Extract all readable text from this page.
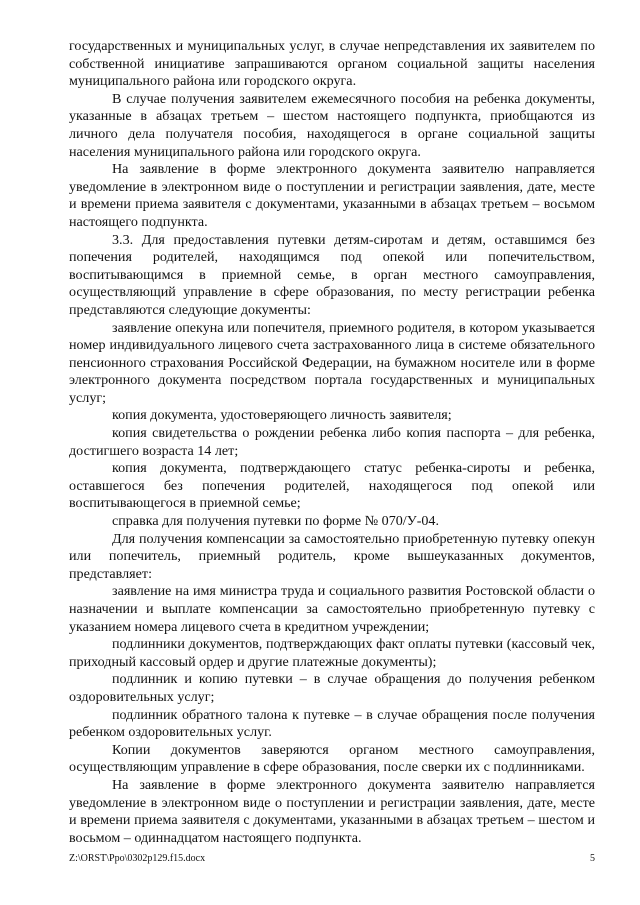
государственных и муниципальных услуг, в случае непредставления их заявителем по собственной инициативе запрашиваются органом социальной защиты населения муниципального района или городского округа.

В случае получения заявителем ежемесячного пособия на ребенка документы, указанные в абзацах третьем – шестом настоящего подпункта, приобщаются из личного дела получателя пособия, находящегося в органе социальной защиты населения муниципального района или городского округа.

На заявление в форме электронного документа заявителю направляется уведомление в электронном виде о поступлении и регистрации заявления, дате, месте и времени приема заявителя с документами, указанными в абзацах третьем – восьмом настоящего подпункта.

3.3. Для предоставления путевки детям-сиротам и детям, оставшимся без попечения родителей, находящимся под опекой или попечительством, воспитывающимся в приемной семье, в орган местного самоуправления, осуществляющий управление в сфере образования, по месту регистрации ребенка представляются следующие документы:

заявление опекуна или попечителя, приемного родителя, в котором указывается номер индивидуального лицевого счета застрахованного лица в системе обязательного пенсионного страхования Российской Федерации, на бумажном носителе или в форме электронного документа посредством портала государственных и муниципальных услуг;

копия документа, удостоверяющего личность заявителя;

копия свидетельства о рождении ребенка либо копия паспорта – для ребенка, достигшего возраста 14 лет;

копия документа, подтверждающего статус ребенка-сироты и ребенка, оставшегося без попечения родителей, находящегося под опекой или воспитывающегося в приемной семье;

справка для получения путевки по форме № 070/У-04.

Для получения компенсации за самостоятельно приобретенную путевку опекун или попечитель, приемный родитель, кроме вышеуказанных документов, представляет:

заявление на имя министра труда и социального развития Ростовской области о назначении и выплате компенсации за самостоятельно приобретенную путевку с указанием номера лицевого счета в кредитном учреждении;

подлинники документов, подтверждающих факт оплаты путевки (кассовый чек, приходный кассовый ордер и другие платежные документы);

подлинник и копию путевки – в случае обращения до получения ребенком оздоровительных услуг;

подлинник обратного талона к путевке – в случае обращения после получения ребенком оздоровительных услуг.

Копии документов заверяются органом местного самоуправления, осуществляющим управление в сфере образования, после сверки их с подлинниками.

На заявление в форме электронного документа заявителю направляется уведомление в электронном виде о поступлении и регистрации заявления, дате, месте и времени приема заявителя с документами, указанными в абзацах третьем – шестом и восьмом – одиннадцатом настоящего подпункта.

Z:\ORST\Ppo\0302p129.f15.docx	5
